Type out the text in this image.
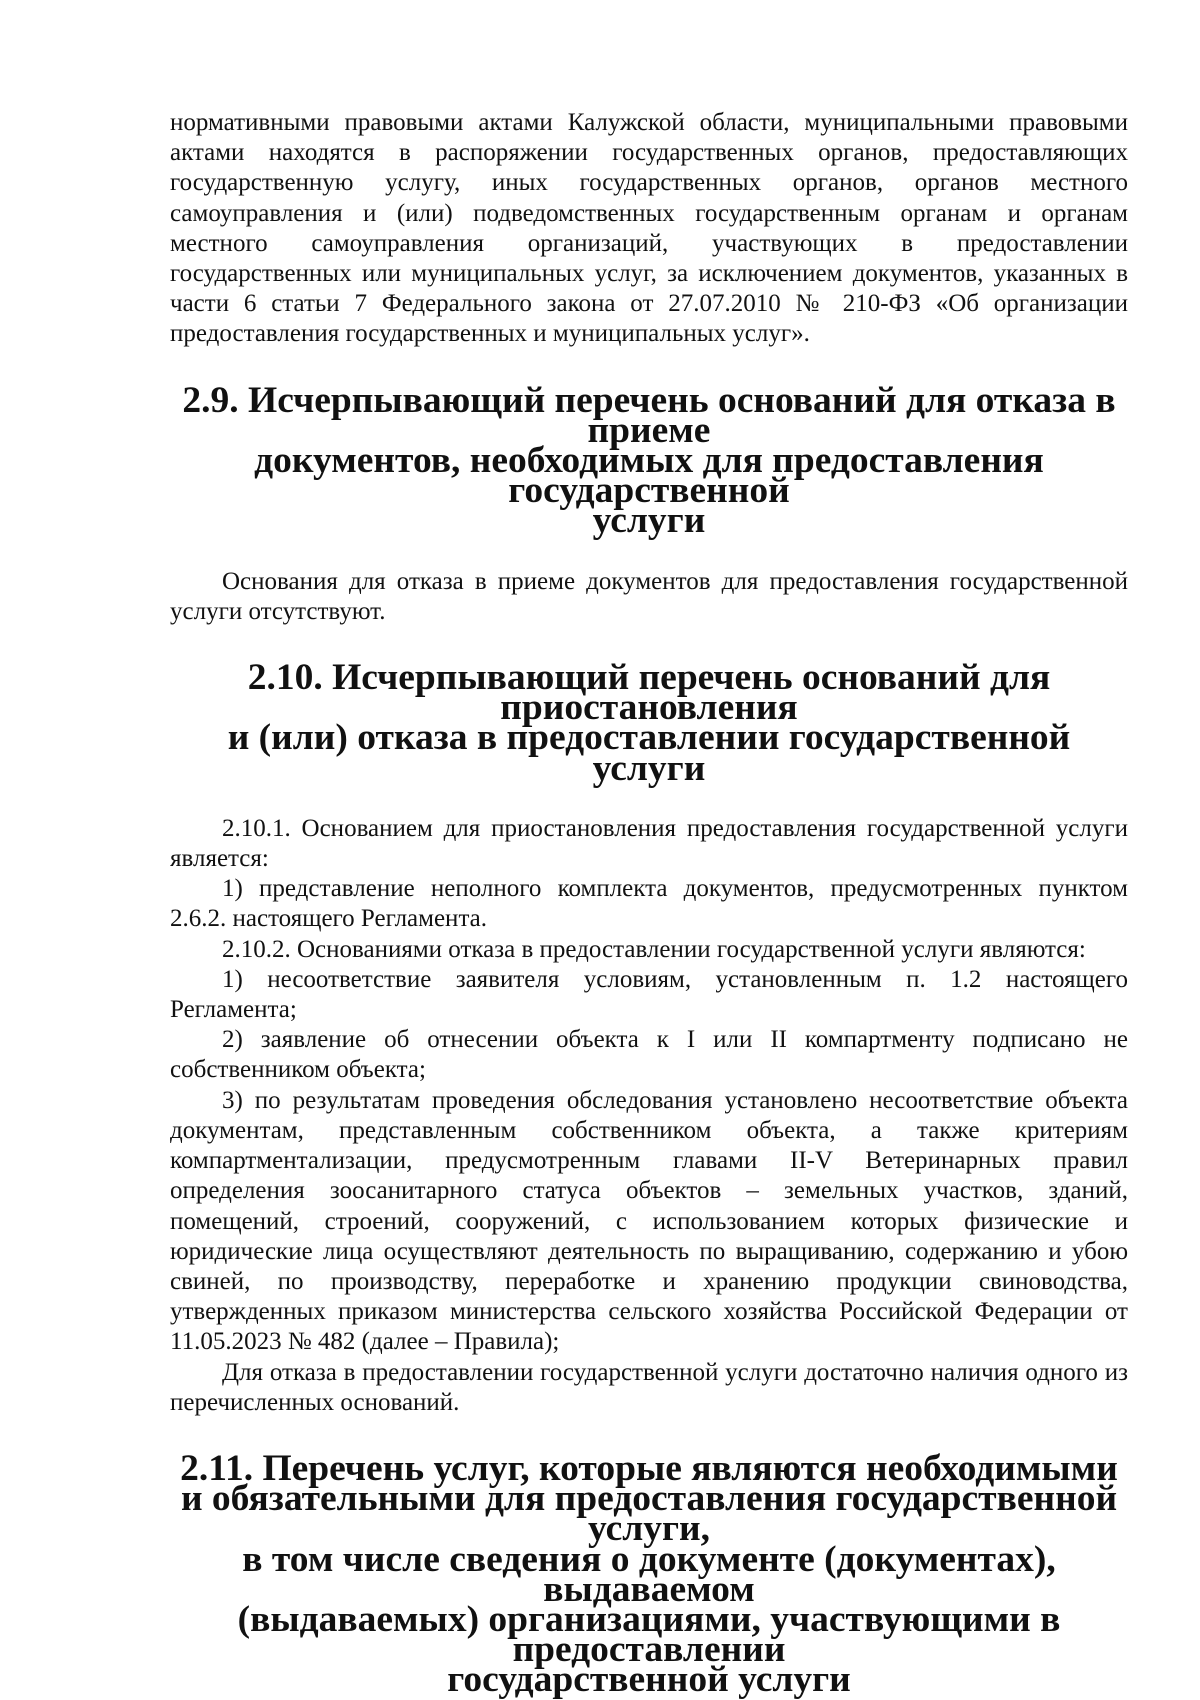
нормативными правовыми актами Калужской области, муниципальными правовыми актами находятся в распоряжении государственных органов, предоставляющих государственную услугу, иных государственных органов, органов местного самоуправления и (или) подведомственных государственным органам и органам местного самоуправления организаций, участвующих в предоставлении государственных или муниципальных услуг, за исключением документов, указанных в части 6 статьи 7 Федерального закона от 27.07.2010 № 210-ФЗ «Об организации предоставления государственных и муниципальных услуг».

2.9. Исчерпывающий перечень оснований для отказа в приеме
документов, необходимых для предоставления государственной
услуги

Основания для отказа в приеме документов для предоставления государственной услуги отсутствуют.

2.10. Исчерпывающий перечень оснований для приостановления
и (или) отказа в предоставлении государственной услуги

2.10.1. Основанием для приостановления предоставления государственной услуги является:

1) представление неполного комплекта документов, предусмотренных пунктом 2.6.2. настоящего Регламента.

2.10.2. Основаниями отказа в предоставлении государственной услуги являются:

1) несоответствие заявителя условиям, установленным п. 1.2 настоящего Регламента;

2) заявление об отнесении объекта к I или II компартменту подписано не собственником объекта;

3) по результатам проведения обследования установлено несоответствие объекта документам, представленным собственником объекта, а также критериям компартментализации, предусмотренным главами II-V Ветеринарных правил определения зоосанитарного статуса объектов – земельных участков, зданий, помещений, строений, сооружений, с использованием которых физические и юридические лица осуществляют деятельность по выращиванию, содержанию и убою свиней, по производству, переработке и хранению продукции свиноводства, утвержденных приказом министерства сельского хозяйства Российской Федерации от 11.05.2023 № 482 (далее – Правила);

Для отказа в предоставлении государственной услуги достаточно наличия одного из перечисленных оснований.

2.11. Перечень услуг, которые являются необходимыми
и обязательными для предоставления государственной услуги,
в том числе сведения о документе (документах), выдаваемом
(выдаваемых) организациями, участвующими в предоставлении
государственной услуги
